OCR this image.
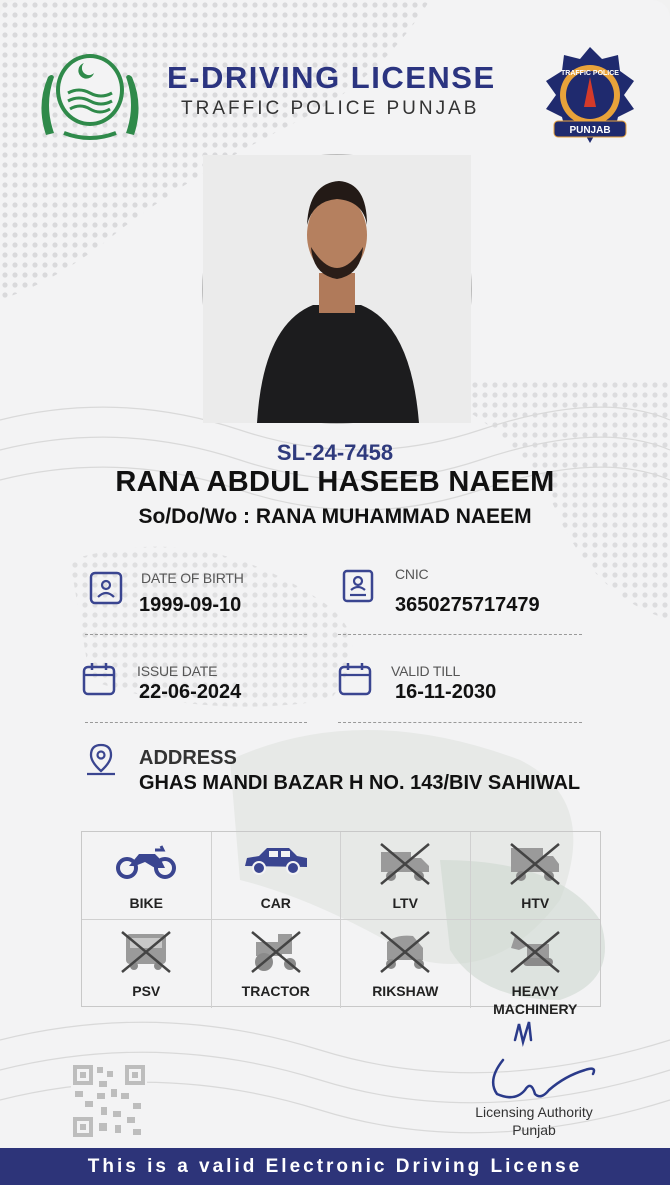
TRAFFIC POLICE
PUNJAB
E-DRIVING LICENSE
TRAFFIC POLICE PUNJAB
SL-24-7458
RANA ABDUL HASEEB NAEEM
So/Do/Wo : RANA MUHAMMAD NAEEM
DATE OF BIRTH
1999-09-10
CNIC
3650275717479
ISSUE DATE
22-06-2024
VALID TILL
16-11-2030
ADDRESS
GHAS MANDI BAZAR H NO. 143/BIV SAHIWAL
BIKE	CAR	LTV	HTV
PSV	TRACTOR	RIKSHAW	HEAVY MACHINERY
Licensing Authority
Punjab
This is a valid Electronic Driving License
